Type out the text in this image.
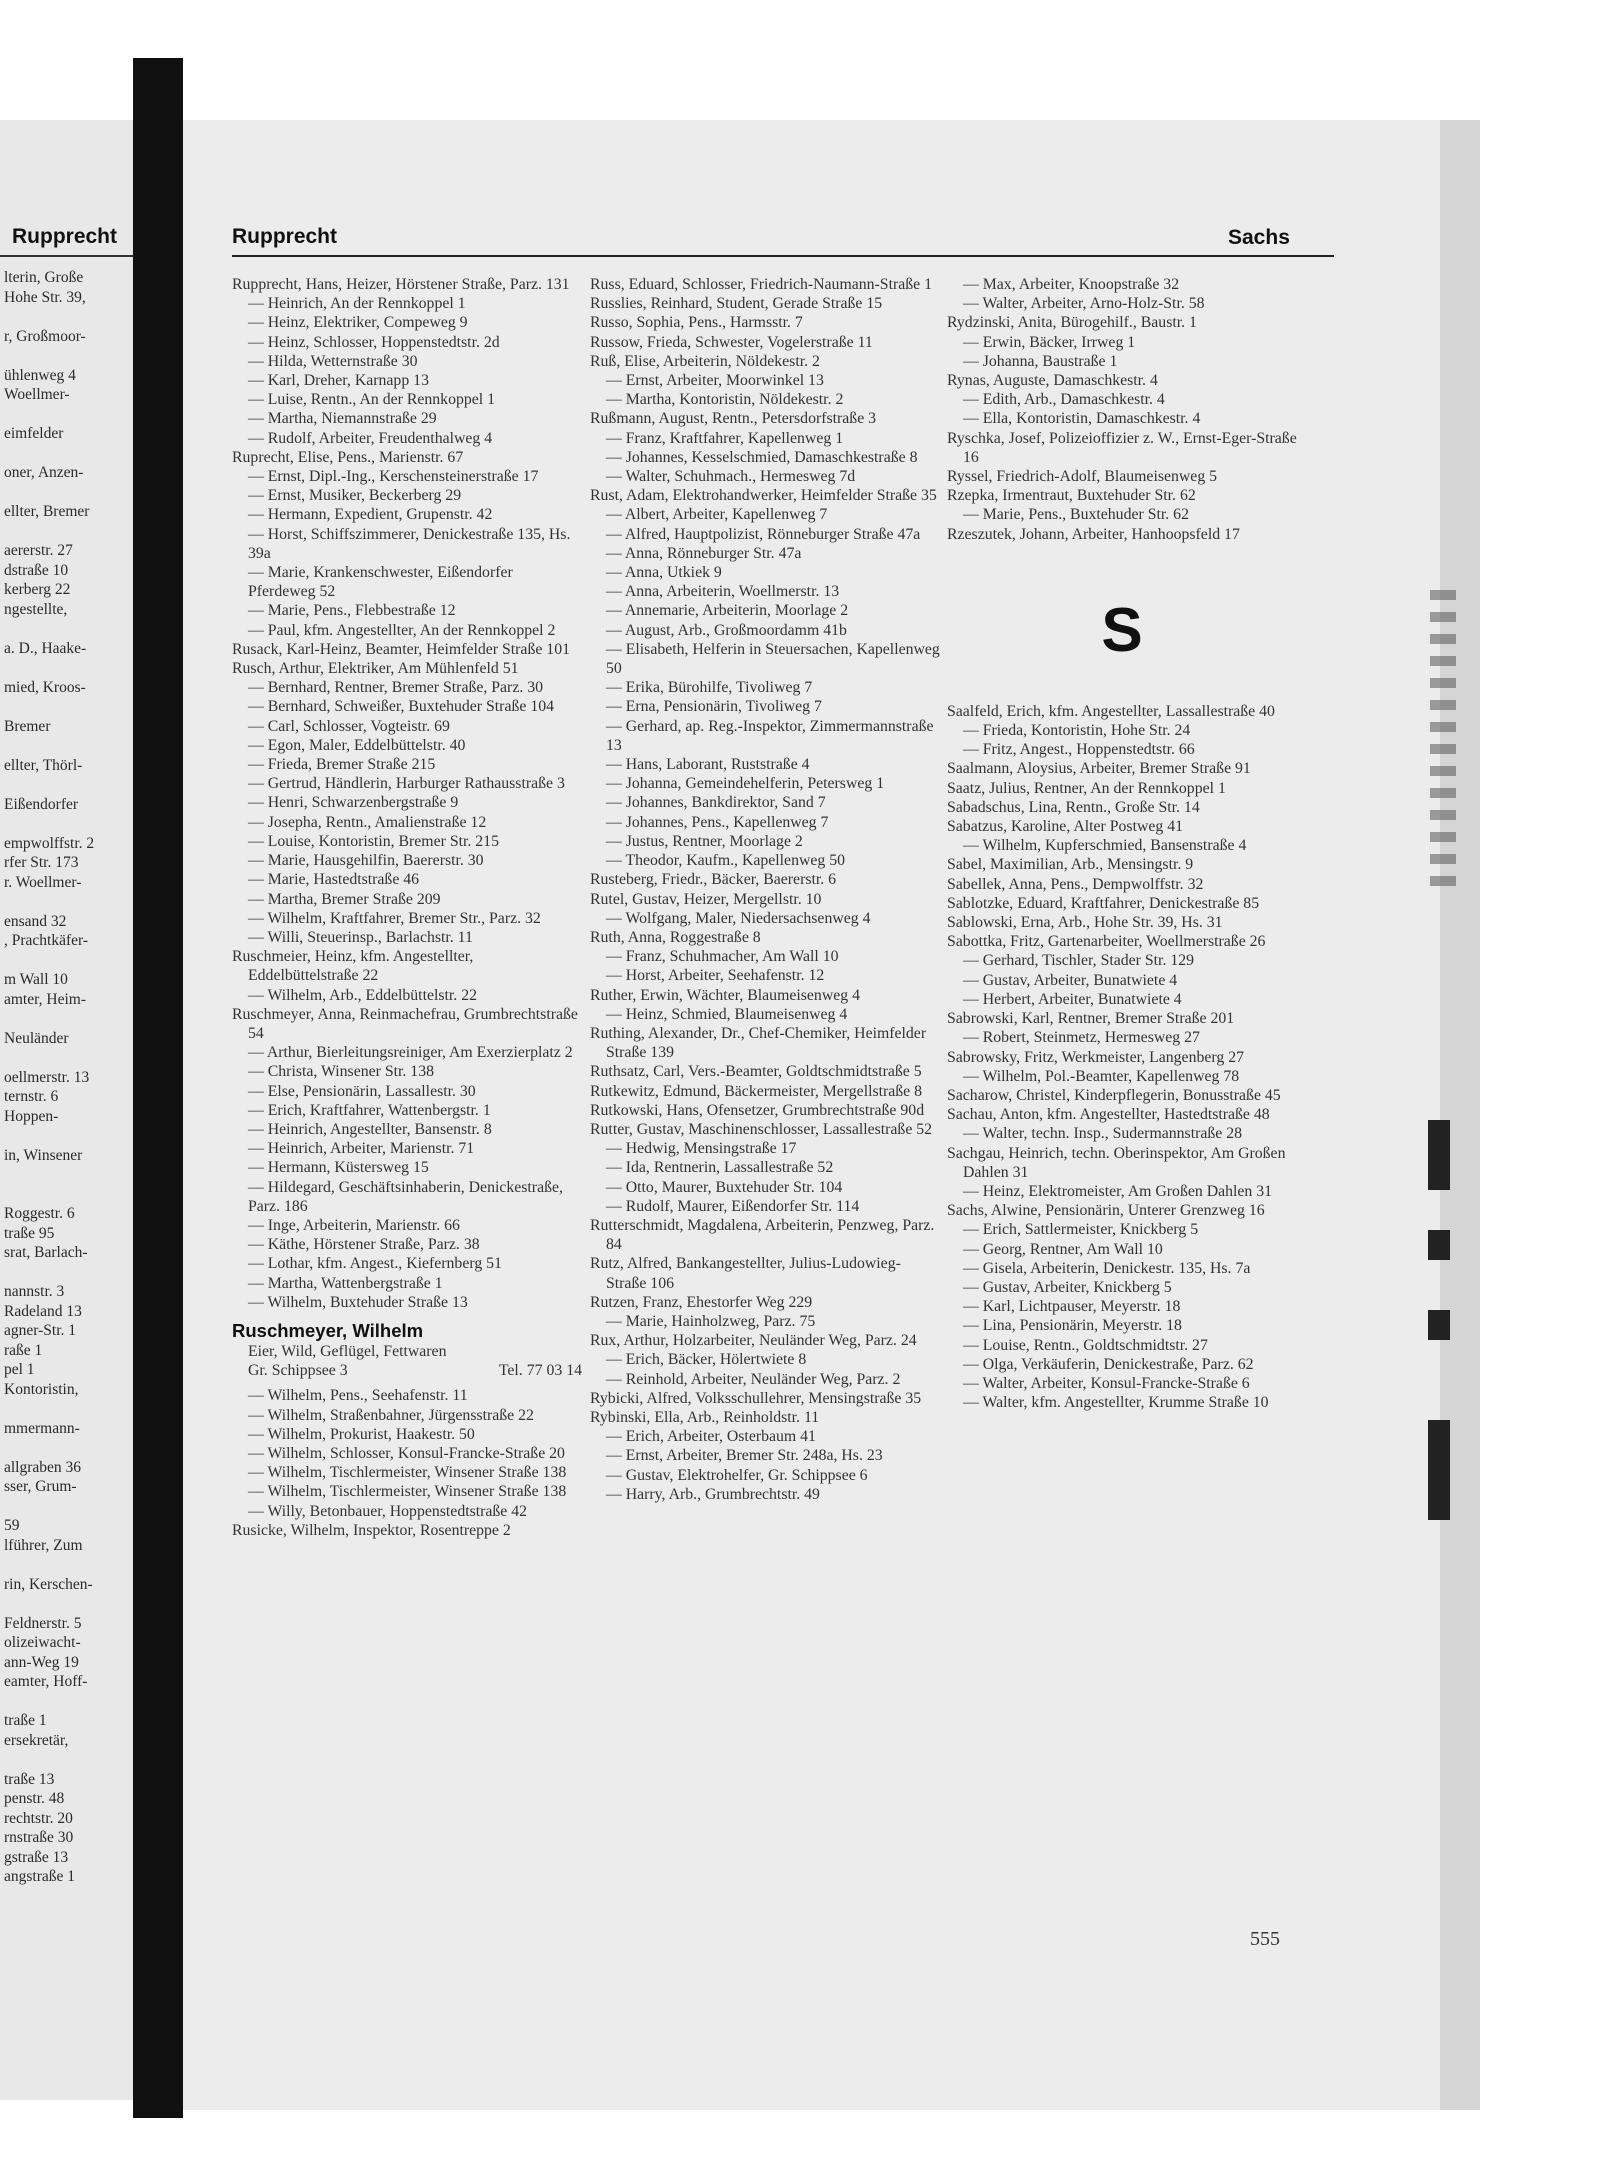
Rupprecht
lterin, Große
Hohe Str. 39,
r, Großmoor-
ühlenweg 4
Woellmer-
eimfelder
oner, Anzen-
ellter, Bremer
aererstr. 27
dstraße 10
kerberg 22
ngestellte,
a. D., Haake-
mied, Kroos-
Bremer
ellter, Thörl-
Eißendorfer
empwolffstr. 2
rfer Str. 173
r. Woellmer-
ensand 32
, Prachtkäfer-
m Wall 10
amter, Heim-
Neuländer
oellmerstr. 13
ternstr. 6
Hoppen-
in, Winsener
Roggestr. 6
traße 95
srat, Barlach-
nannstr. 3
Radeland 13
agner-Str. 1
raße 1
pel 1
Kontoristin,
mmermann-
allgraben 36
sser, Grum-
59
lführer, Zum
rin, Kerschen-
Feldnerstr. 5
olizeiwacht-
ann-Weg 19
eamter, Hoff-
traße 1
ersekretär,
traße 13
penstr. 48
rechtstr. 20
rnstraße 30
gstraße 13
angstraße 1
Rupprecht	Sachs
Rupprecht, Hans, Heizer, Hörstener Straße, Parz. 131
— Heinrich, An der Rennkoppel 1
— Heinz, Elektriker, Compeweg 9
— Heinz, Schlosser, Hoppenstedtstr. 2d
— Hilda, Wetternstraße 30
— Karl, Dreher, Karnapp 13
— Luise, Rentn., An der Rennkoppel 1
— Martha, Niemannstraße 29
— Rudolf, Arbeiter, Freudenthalweg 4
Ruprecht, Elise, Pens., Marienstr. 67
— Ernst, Dipl.-Ing., Kerschensteinerstraße 17
— Ernst, Musiker, Beckerberg 29
— Hermann, Expedient, Grupenstr. 42
— Horst, Schiffszimmerer, Denickestraße 135, Hs. 39a
— Marie, Krankenschwester, Eißendorfer Pferdeweg 52
— Marie, Pens., Flebbestraße 12
— Paul, kfm. Angestellter, An der Rennkoppel 2
Rusack, Karl-Heinz, Beamter, Heimfelder Straße 101
Rusch, Arthur, Elektriker, Am Mühlenfeld 51
— Bernhard, Rentner, Bremer Straße, Parz. 30
— Bernhard, Schweißer, Buxtehuder Straße 104
— Carl, Schlosser, Vogteistr. 69
— Egon, Maler, Eddelbüttelstr. 40
— Frieda, Bremer Straße 215
— Gertrud, Händlerin, Harburger Rathausstraße 3
— Henri, Schwarzenbergstraße 9
— Josepha, Rentn., Amalienstraße 12
— Louise, Kontoristin, Bremer Str. 215
— Marie, Hausgehilfin, Baererstr. 30
— Marie, Hastedtstraße 46
— Martha, Bremer Straße 209
— Wilhelm, Kraftfahrer, Bremer Str., Parz. 32
— Willi, Steuerinsp., Barlachstr. 11
Ruschmeier, Heinz, kfm. Angestellter, Eddelbüttelstraße 22
— Wilhelm, Arb., Eddelbüttelstr. 22
Ruschmeyer, Anna, Reinmachefrau, Grumbrechtstraße 54
— Arthur, Bierleitungsreiniger, Am Exerzierplatz 2
— Christa, Winsener Str. 138
— Else, Pensionärin, Lassallestr. 30
— Erich, Kraftfahrer, Wattenbergstr. 1
— Heinrich, Angestellter, Bansenstr. 8
— Heinrich, Arbeiter, Marienstr. 71
— Hermann, Küstersweg 15
— Hildegard, Geschäftsinhaberin, Denickestraße, Parz. 186
— Inge, Arbeiterin, Marienstr. 66
— Käthe, Hörstener Straße, Parz. 38
— Lothar, kfm. Angest., Kiefernberg 51
— Martha, Wattenbergstraße 1
— Wilhelm, Buxtehuder Straße 13
Ruschmeyer, Wilhelm
Eier, Wild, Geflügel, Fettwaren
Gr. Schippsee 3	Tel. 77 03 14
— Wilhelm, Pens., Seehafenstr. 11
— Wilhelm, Straßenbahner, Jürgensstraße 22
— Wilhelm, Prokurist, Haakestr. 50
— Wilhelm, Schlosser, Konsul-Francke-Straße 20
— Wilhelm, Tischlermeister, Winsener Straße 138
— Wilhelm, Tischlermeister, Winsener Straße 138
— Willy, Betonbauer, Hoppenstedtstraße 42
Rusicke, Wilhelm, Inspektor, Rosentreppe 2
Russ, Eduard, Schlosser, Friedrich-Naumann-Straße 1
Russlies, Reinhard, Student, Gerade Straße 15
Russo, Sophia, Pens., Harmsstr. 7
Russow, Frieda, Schwester, Vogelerstraße 11
Ruß, Elise, Arbeiterin, Nöldekestr. 2
— Ernst, Arbeiter, Moorwinkel 13
— Martha, Kontoristin, Nöldekestr. 2
Rußmann, August, Rentn., Petersdorfstraße 3
— Franz, Kraftfahrer, Kapellenweg 1
— Johannes, Kesselschmied, Damaschkestraße 8
— Walter, Schuhmach., Hermesweg 7d
Rust, Adam, Elektrohandwerker, Heimfelder Straße 35
— Albert, Arbeiter, Kapellenweg 7
— Alfred, Hauptpolizist, Rönneburger Straße 47a
— Anna, Rönneburger Str. 47a
— Anna, Utkiek 9
— Anna, Arbeiterin, Woellmerstr. 13
— Annemarie, Arbeiterin, Moorlage 2
— August, Arb., Großmoordamm 41b
— Elisabeth, Helferin in Steuersachen, Kapellenweg 50
— Erika, Bürohilfe, Tivoliweg 7
— Erna, Pensionärin, Tivoliweg 7
— Gerhard, ap. Reg.-Inspektor, Zimmermannstraße 13
— Hans, Laborant, Ruststraße 4
— Johanna, Gemeindehelferin, Petersweg 1
— Johannes, Bankdirektor, Sand 7
— Johannes, Pens., Kapellenweg 7
— Justus, Rentner, Moorlage 2
— Theodor, Kaufm., Kapellenweg 50
Rusteberg, Friedr., Bäcker, Baererstr. 6
Rutel, Gustav, Heizer, Mergellstr. 10
— Wolfgang, Maler, Niedersachsenweg 4
Ruth, Anna, Roggestraße 8
— Franz, Schuhmacher, Am Wall 10
— Horst, Arbeiter, Seehafenstr. 12
Ruther, Erwin, Wächter, Blaumeisenweg 4
— Heinz, Schmied, Blaumeisenweg 4
Ruthing, Alexander, Dr., Chef-Chemiker, Heimfelder Straße 139
Ruthsatz, Carl, Vers.-Beamter, Goldtschmidtstraße 5
Rutkewitz, Edmund, Bäckermeister, Mergellstraße 8
Rutkowski, Hans, Ofensetzer, Grumbrechtstraße 90d
Rutter, Gustav, Maschinenschlosser, Lassallestraße 52
— Hedwig, Mensingstraße 17
— Ida, Rentnerin, Lassallestraße 52
— Otto, Maurer, Buxtehuder Str. 104
— Rudolf, Maurer, Eißendorfer Str. 114
Rutterschmidt, Magdalena, Arbeiterin, Penzweg, Parz. 84
Rutz, Alfred, Bankangestellter, Julius-Ludowieg-Straße 106
Rutzen, Franz, Ehestorfer Weg 229
— Marie, Hainholzweg, Parz. 75
Rux, Arthur, Holzarbeiter, Neuländer Weg, Parz. 24
— Erich, Bäcker, Hölertwiete 8
— Reinhold, Arbeiter, Neuländer Weg, Parz. 2
Rybicki, Alfred, Volksschullehrer, Mensingstraße 35
Rybinski, Ella, Arb., Reinholdstr. 11
— Erich, Arbeiter, Osterbaum 41
— Ernst, Arbeiter, Bremer Str. 248a, Hs. 23
— Gustav, Elektrohelfer, Gr. Schippsee 6
— Harry, Arb., Grumbrechtstr. 49
— Max, Arbeiter, Knoopstraße 32
— Walter, Arbeiter, Arno-Holz-Str. 58
Rydzinski, Anita, Bürogehilf., Baustr. 1
— Erwin, Bäcker, Irrweg 1
— Johanna, Baustraße 1
Rynas, Auguste, Damaschkestr. 4
— Edith, Arb., Damaschkestr. 4
— Ella, Kontoristin, Damaschkestr. 4
Ryschka, Josef, Polizeioffizier z. W., Ernst-Eger-Straße 16
Ryssel, Friedrich-Adolf, Blaumeisenweg 5
Rzepka, Irmentraut, Buxtehuder Str. 62
— Marie, Pens., Buxtehuder Str. 62
Rzeszutek, Johann, Arbeiter, Hanhoopsfeld 17
S
Saalfeld, Erich, kfm. Angestellter, Lassallestraße 40
— Frieda, Kontoristin, Hohe Str. 24
— Fritz, Angest., Hoppenstedtstr. 66
Saalmann, Aloysius, Arbeiter, Bremer Straße 91
Saatz, Julius, Rentner, An der Rennkoppel 1
Sabadschus, Lina, Rentn., Große Str. 14
Sabatzus, Karoline, Alter Postweg 41
— Wilhelm, Kupferschmied, Bansenstraße 4
Sabel, Maximilian, Arb., Mensingstr. 9
Sabellek, Anna, Pens., Dempwolffstr. 32
Sablotzke, Eduard, Kraftfahrer, Denickestraße 85
Sablowski, Erna, Arb., Hohe Str. 39, Hs. 31
Sabottka, Fritz, Gartenarbeiter, Woellmerstraße 26
— Gerhard, Tischler, Stader Str. 129
— Gustav, Arbeiter, Bunatwiete 4
— Herbert, Arbeiter, Bunatwiete 4
Sabrowski, Karl, Rentner, Bremer Straße 201
— Robert, Steinmetz, Hermesweg 27
Sabrowsky, Fritz, Werkmeister, Langenberg 27
— Wilhelm, Pol.-Beamter, Kapellenweg 78
Sacharow, Christel, Kinderpflegerin, Bonusstraße 45
Sachau, Anton, kfm. Angestellter, Hastedtstraße 48
— Walter, techn. Insp., Sudermannstraße 28
Sachgau, Heinrich, techn. Oberinspektor, Am Großen Dahlen 31
— Heinz, Elektromeister, Am Großen Dahlen 31
Sachs, Alwine, Pensionärin, Unterer Grenzweg 16
— Erich, Sattlermeister, Knickberg 5
— Georg, Rentner, Am Wall 10
— Gisela, Arbeiterin, Denickestr. 135, Hs. 7a
— Gustav, Arbeiter, Knickberg 5
— Karl, Lichtpauser, Meyerstr. 18
— Lina, Pensionärin, Meyerstr. 18
— Louise, Rentn., Goldtschmidtstr. 27
— Olga, Verkäuferin, Denickestraße, Parz. 62
— Walter, Arbeiter, Konsul-Francke-Straße 6
— Walter, kfm. Angestellter, Krumme Straße 10
555
